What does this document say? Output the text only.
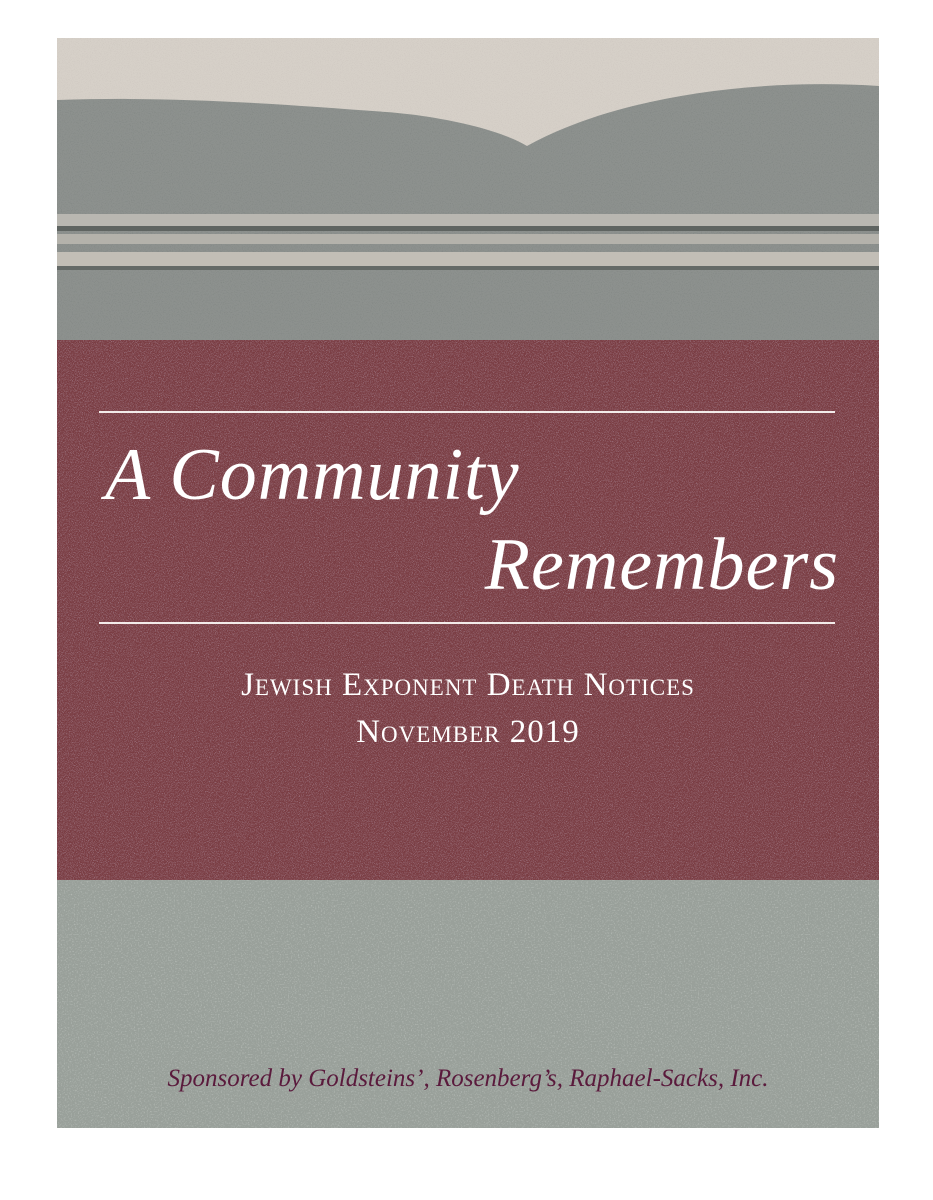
A Community
Remembers
Jewish Exponent Death Notices
November 2019
Sponsored by Goldsteins’, Rosenberg’s, Raphael-Sacks, Inc.
